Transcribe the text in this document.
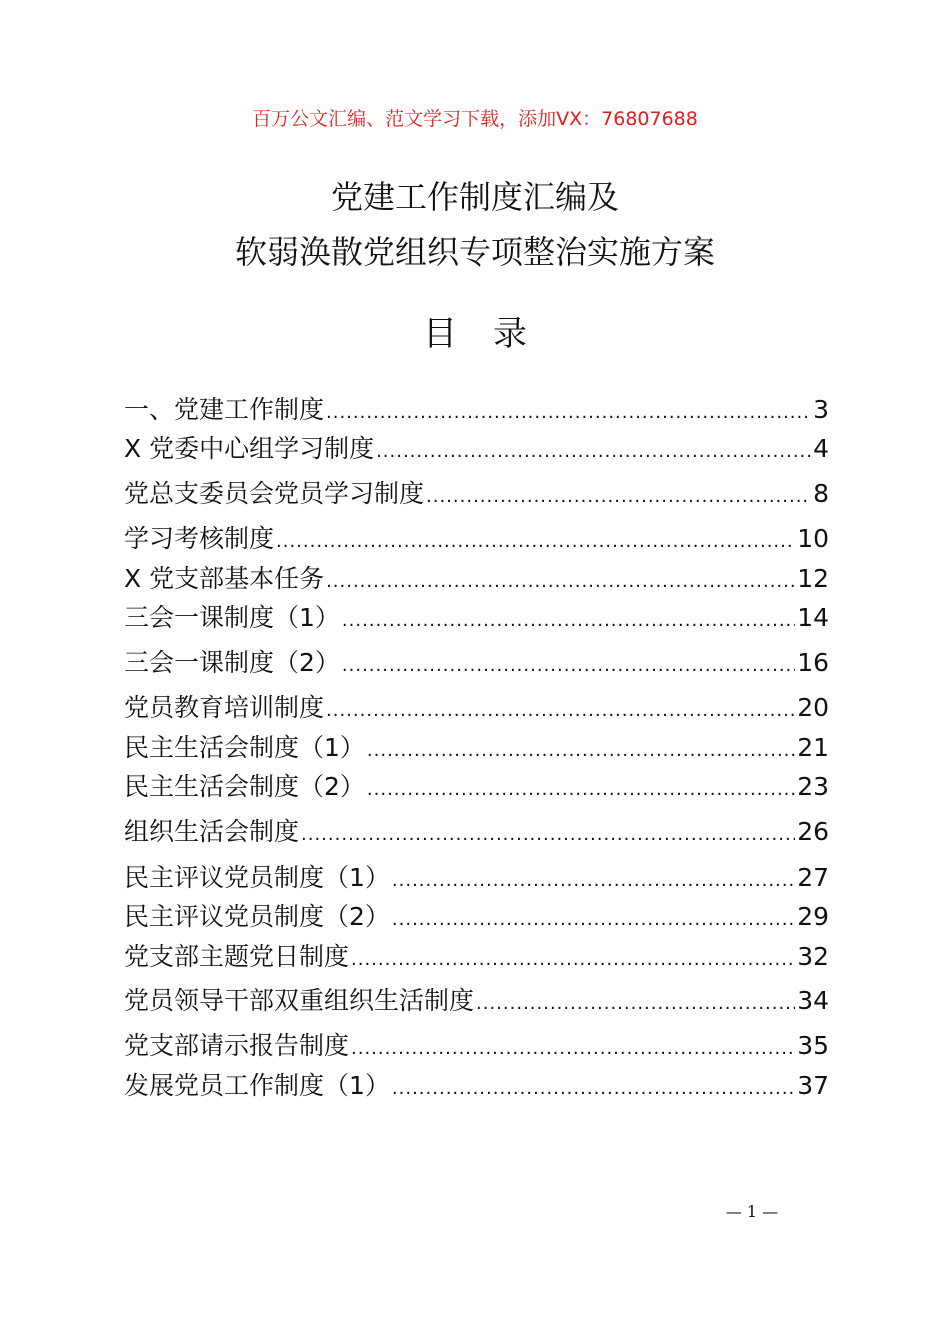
百万公文汇编、范文学习下载，添加VX：76807688
党建工作制度汇编及
软弱涣散党组织专项整治实施方案
目录
一、党建工作制度 .....	3
X 党委中心组学习制度 .....	4
党总支委员会党员学习制度 .....	8
学习考核制度 .....	10
X 党支部基本任务 .....	12
三会一课制度（1） .....	14
三会一课制度（2） .....	16
党员教育培训制度 .....	20
民主生活会制度（1） .....	21
民主生活会制度（2） .....	23
组织生活会制度 .....	26
民主评议党员制度（1） .....	27
民主评议党员制度（2） .....	29
党支部主题党日制度 .....	32
党员领导干部双重组织生活制度 .....	34
党支部请示报告制度 .....	35
发展党员工作制度（1） .....	37
— 1 —
